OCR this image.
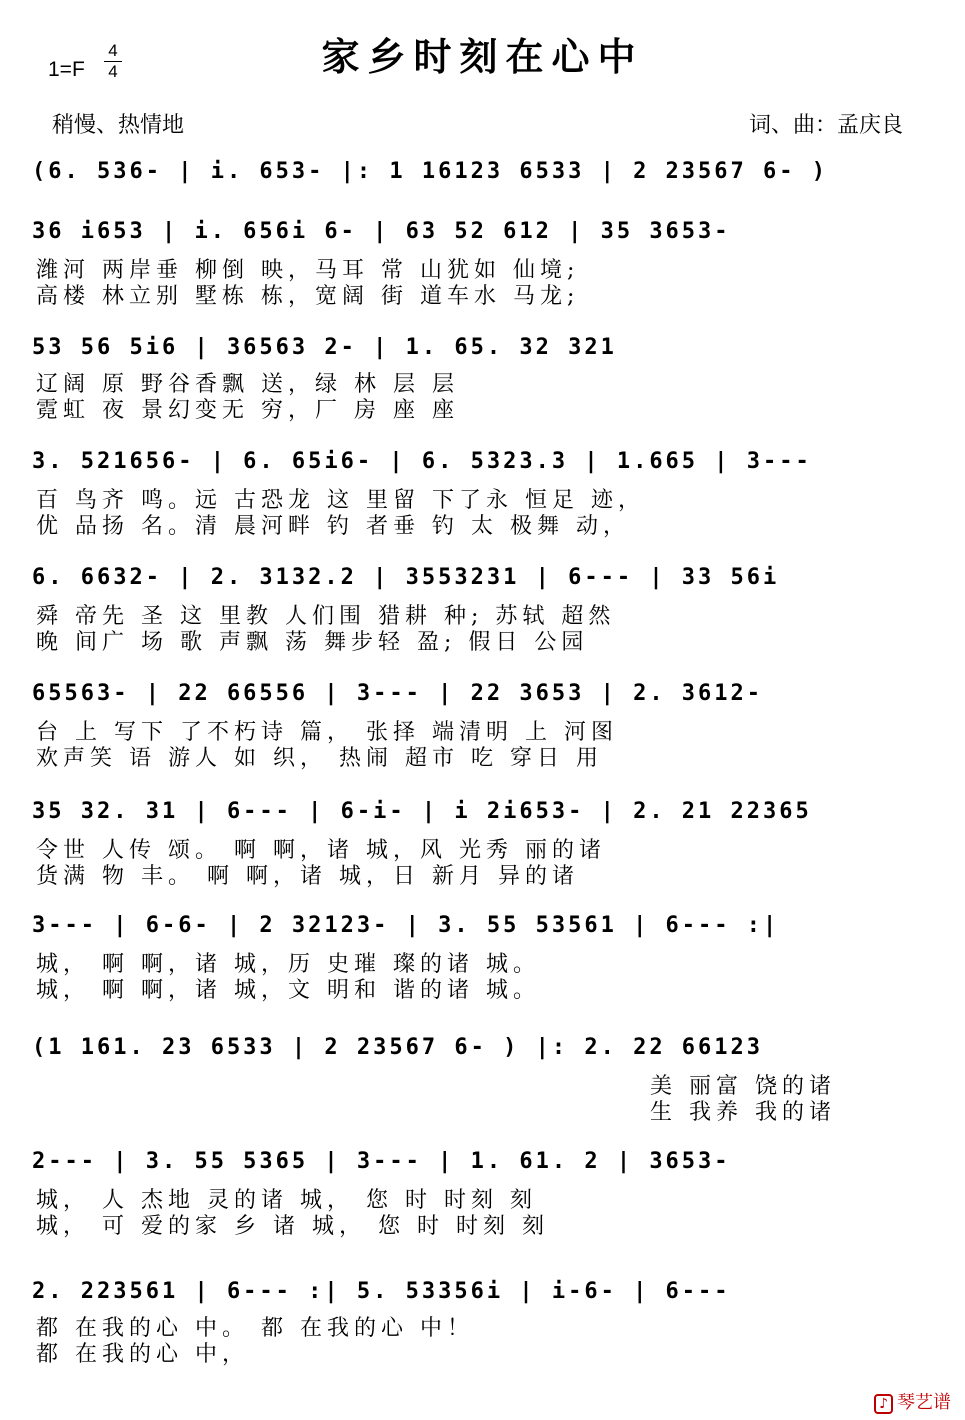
1=F
4
4	家乡时刻在心中
稍慢、热情地	词、曲：孟庆良
(6. 536- | i. 653- |: 1 16123 6533 | 2 23567 6- )
36 i653 | i. 656i 6- | 63 52 612 | 35 3653-
潍河 两岸垂 柳倒 映，马耳 常 山犹如 仙境;
高楼 林立别 墅栋 栋，宽阔 街 道车水 马龙;
53 56 5i6 | 36563 2- | 1. 65. 32 321
辽阔 原 野谷香飘 送，绿 林 层 层
霓虹 夜 景幻变无 穷，厂 房 座 座
3. 521656- | 6. 65i6- | 6. 5323.3 | 1.665 | 3---
百 鸟齐 鸣。远 古恐龙 这 里留 下了永 恒足 迹，
优 品扬 名。清 晨河畔 钓 者垂 钓 太 极舞 动，
6. 6632- | 2. 3132.2 | 3553231 | 6--- | 33 56i
舜 帝先 圣 这 里教 人们围 猎耕 种; 苏轼 超然
晚 间广 场 歌 声飘 荡 舞步轻 盈; 假日 公园
65563- | 22 66556 | 3--- | 22 3653 | 2. 3612-
台 上 写下 了不朽诗 篇， 张择 端清明 上 河图
欢声笑 语 游人 如 织， 热闹 超市 吃 穿日 用
35 32. 31 | 6--- | 6-i- | i 2i653- | 2. 21 22365
令世 人传 颂。 啊 啊，诸 城，风 光秀 丽的诸
货满 物 丰。 啊 啊，诸 城，日 新月 异的诸
3--- | 6-6- | 2 32123- | 3. 55 53561 | 6--- :|
城， 啊 啊，诸 城，历 史璀 璨的诸 城。
城， 啊 啊，诸 城，文 明和 谐的诸 城。
(1 161. 23 6533 | 2 23567 6- ) |: 2. 22 66123
美 丽富 饶的诸
生 我养 我的诸
2--- | 3. 55 5365 | 3--- | 1. 61. 2 | 3653-
城， 人 杰地 灵的诸 城， 您 时 时刻 刻
城， 可 爱的家 乡 诸 城， 您 时 时刻 刻
2. 223561 | 6--- :| 5. 53356i | i-6- | 6---
都 在我的心 中。 都 在我的心 中！
都 在我的心 中，
♪ 琴艺谱
